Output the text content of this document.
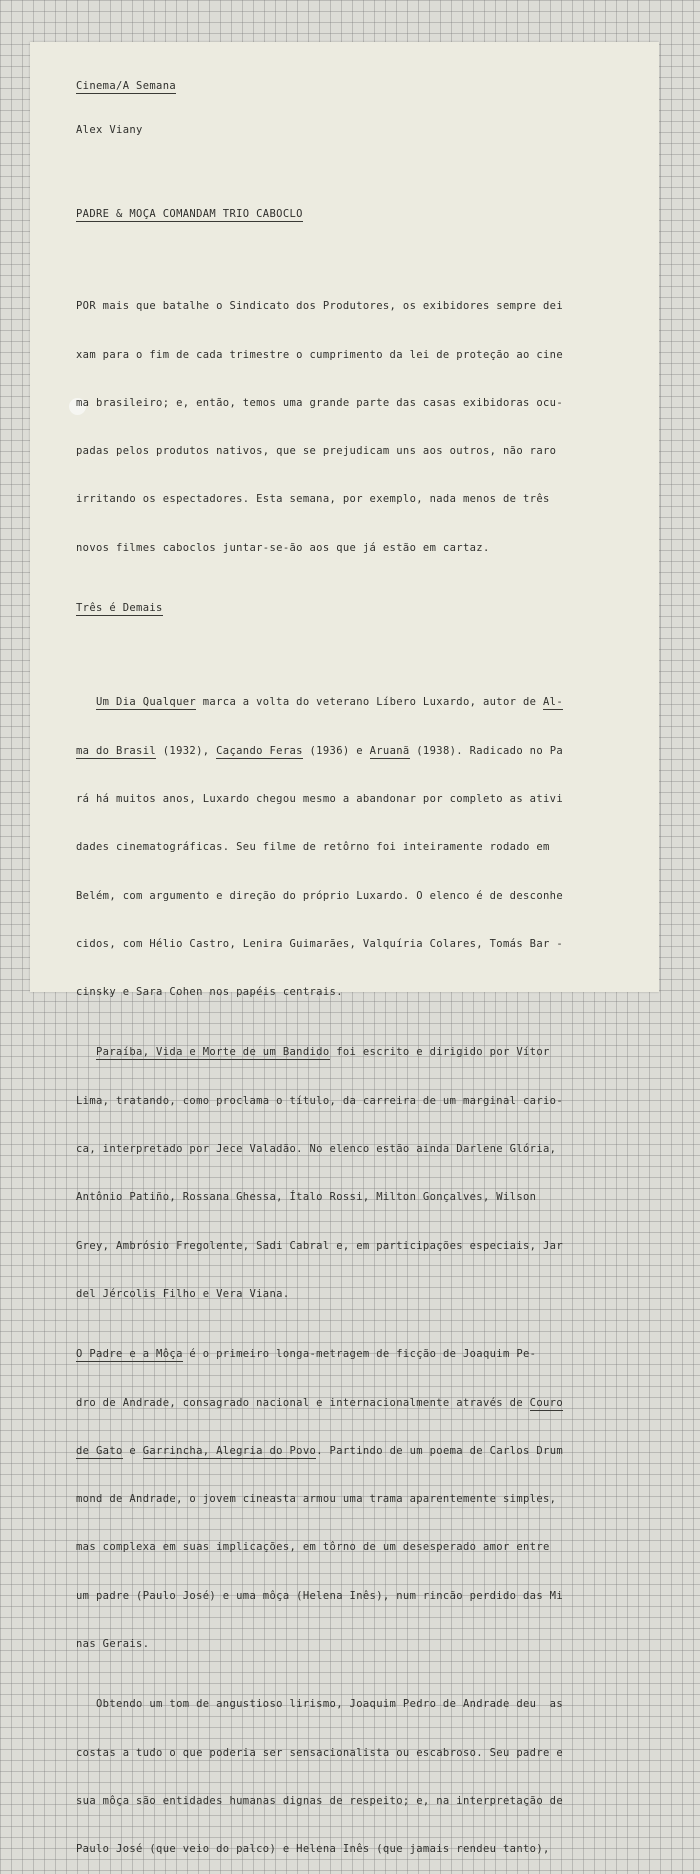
Cinema/A Semana

Alex Viany

PADRE & MOÇA COMANDAM TRIO CABOCLO

POR mais que batalhe o Sindicato dos Produtores, os exibidores sempre dei

xam para o fim de cada trimestre o cumprimento da lei de proteção ao cine

ma brasileiro; e, então, temos uma grande parte das casas exibidoras ocu-

padas pelos produtos nativos, que se prejudicam uns aos outros, não raro

irritando os espectadores. Esta semana, por exemplo, nada menos de três

novos filmes caboclos juntar-se-ão aos que já estão em cartaz.

Três é Demais

Um Dia Qualquer marca a volta do veterano Líbero Luxardo, autor de Al-

ma do Brasil (1932), Caçando Feras (1936) e Aruanã (1938). Radicado no Pa

rá há muitos anos, Luxardo chegou mesmo a abandonar por completo as ativi

dades cinematográficas. Seu filme de retôrno foi inteiramente rodado em

Belém, com argumento e direção do próprio Luxardo. O elenco é de desconhe

cidos, com Hélio Castro, Lenira Guimarães, Valquíria Colares, Tomás Bar -

cinsky e Sara Cohen nos papéis centrais.

Paraíba, Vida e Morte de um Bandido foi escrito e dirigido por Vítor

Lima, tratando, como proclama o título, da carreira de um marginal cario-

ca, interpretado por Jece Valadão. No elenco estão ainda Darlene Glória,

Antônio Patiño, Rossana Ghessa, Ítalo Rossi, Milton Gonçalves, Wilson

Grey, Ambrósio Fregolente, Sadi Cabral e, em participações especiais, Jar

del Jércolis Filho e Vera Viana.

O Padre e a Môça é o primeiro longa-metragem de ficção de Joaquim Pe-

dro de Andrade, consagrado nacional e internacionalmente através de Couro

de Gato e Garrincha, Alegria do Povo. Partindo de um poema de Carlos Drum

mond de Andrade, o jovem cineasta armou uma trama aparentemente simples,

mas complexa em suas implicações, em tôrno de um desesperado amor entre

um padre (Paulo José) e uma môça (Helena Inês), num rincão perdido das Mi

nas Gerais.

Obtendo um tom de angustioso lirismo, Joaquim Pedro de Andrade deu  as

costas a tudo o que poderia ser sensacionalista ou escabroso. Seu padre e

sua môça são entidades humanas dignas de respeito; e, na interpretação de

Paulo José (que veio do palco) e Helena Inês (que jamais rendeu tanto),
